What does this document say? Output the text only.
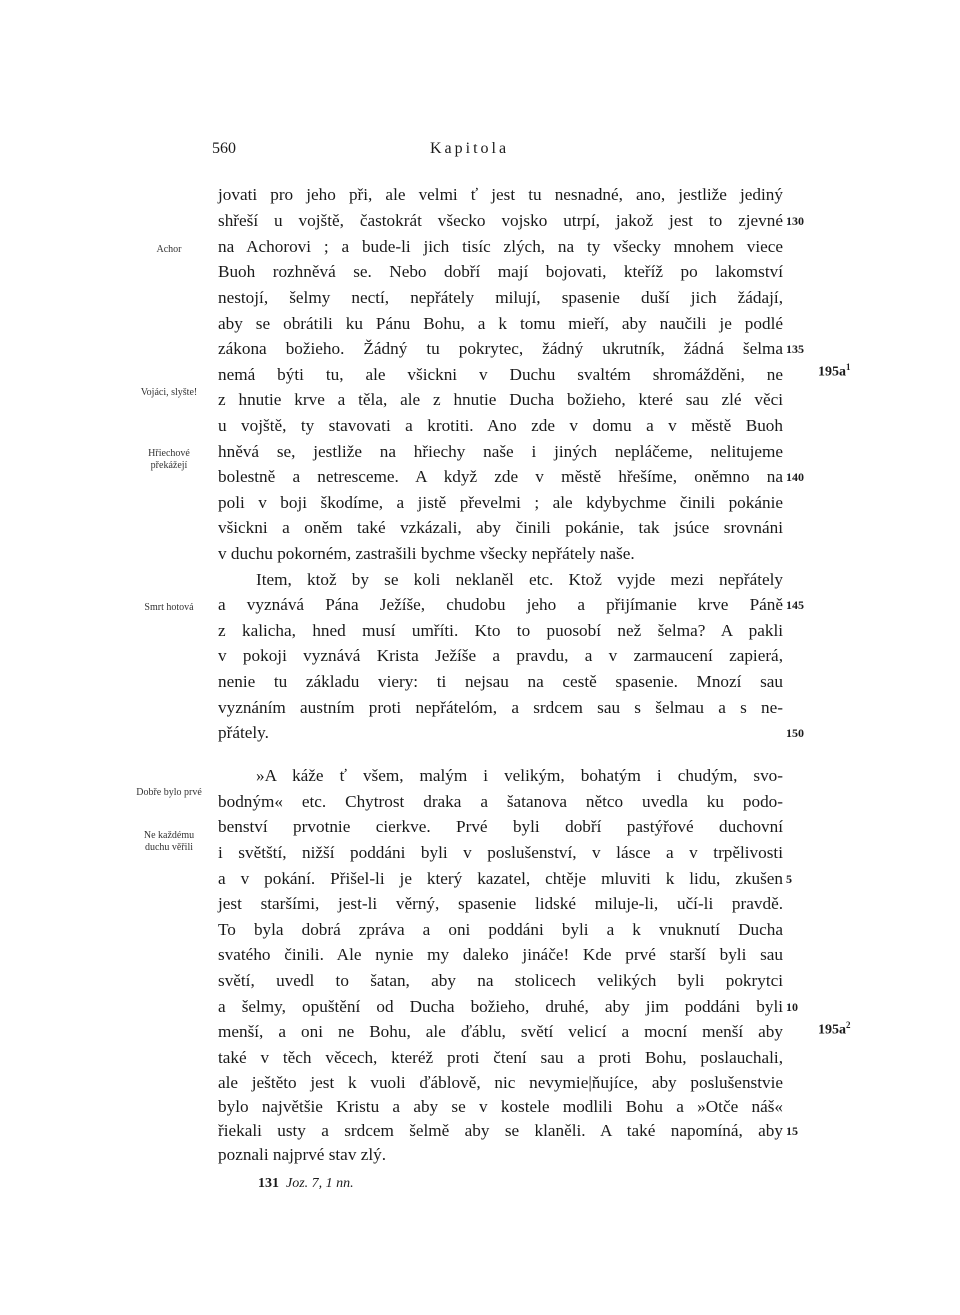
560	Kapitola
Achor
Vojáci, slyšte!
Hřiechové překážejí
Smrt hotová
Dobře bylo prvé
Ne každému duchu věřili
$195a^1$
$195a^2$
jovati pro jeho při, ale velmi ť jest tu nesnadné, ano, jestliže jediný
shřeší u vojště, častokrát všecko vojsko utrpí, jakož jest to zjevné 130
na Achorovi ; a bude-li jich tisíc zlých, na ty všecky mnohem viece
Buoh rozhněvá se. Nebo dobří mají bojovati, kteříž po lakomství
nestojí, šelmy nectí, nepřátely milují, spasenie duší jich žádají,
aby se obrátili ku Pánu Bohu, a k tomu mieří, aby naučili je podlé
zákona božieho. Žádný tu pokrytec, žádný ukrutník, žádná šelma 135
nemá býti tu, ale všickni v Duchu svaltém shromážděni, ne
z hnutie krve a těla, ale z hnutie Ducha božieho, které sau zlé věci
u vojště, ty stavovati a krotiti. Ano zde v domu a v městě Buoh
hněvá se, jestliže na hřiechy naše i jiných nepláčeme, nelitujeme
bolestně a netresceme. A když zde v městě hřešíme, oněmno na 140
poli v boji škodíme, a jistě převelmi ; ale kdybychme činili pokánie
všickni a oněm také vzkázali, aby činili pokánie, tak jsúce srovnáni
v duchu pokorném, zastrašili bychme všecky nepřátely naše.
Item, ktož by se koli neklaněl etc. Ktož vyjde mezi nepřátely
a vyznává Pána Ježíše, chudobu jeho a přijímanie krve Páně 145
z kalicha, hned musí umříti. Kto to puosobí než šelma? A pakli
v pokoji vyznává Krista Ježíše a pravdu, a v zarmaucení zapierá,
nenie tu základu viery: ti nejsau na cestě spasenie. Mnozí sau
vyznáním austním proti nepřátelóm, a srdcem sau s šelmau a s ne-
přátely.	150
»A káže ť všem, malým i velikým, bohatým i chudým, svo-
bodným« etc. Chytrost draka a šatanova nětco uvedla ku podo-
benství prvotnie cierkve. Prvé byli dobří pastýřové duchovní
i světští, nižší poddáni byli v poslušenství, v lásce a v trpělivosti
a v pokání. Přišel-li je který kazatel, chtěje mluviti k lidu, zkušen 5
jest staršími, jest-li věrný, spasenie lidské miluje-li, učí-li pravdě.
To byla dobrá zpráva a oni poddáni byli a k vnuknutí Ducha
svatého činili. Ale nynie my daleko jináče! Kde prvé starší byli sau
světí, uvedl to šatan, aby na stolicech velikých byli pokrytci
a šelmy, opuštění od Ducha božieho, druhé, aby jim poddáni byli 10
menší, a oni ne Bohu, ale ďáblu, světí velicí a mocní menší aby
také v těch věcech, kteréž proti čtení sau a proti Bohu, poslauchali,
ale ještěto jest k vuoli ďáblově, nic nevymie|ňujíce, aby poslušenstvie
bylo najvětšie Kristu a aby se v kostele modlili Bohu a »Otče náš«
řiekali usty a srdcem šelmě aby se klaněli. A také napomíná, aby 15
poznali najprvé stav zlý.
131 Joz. 7, 1 nn.
